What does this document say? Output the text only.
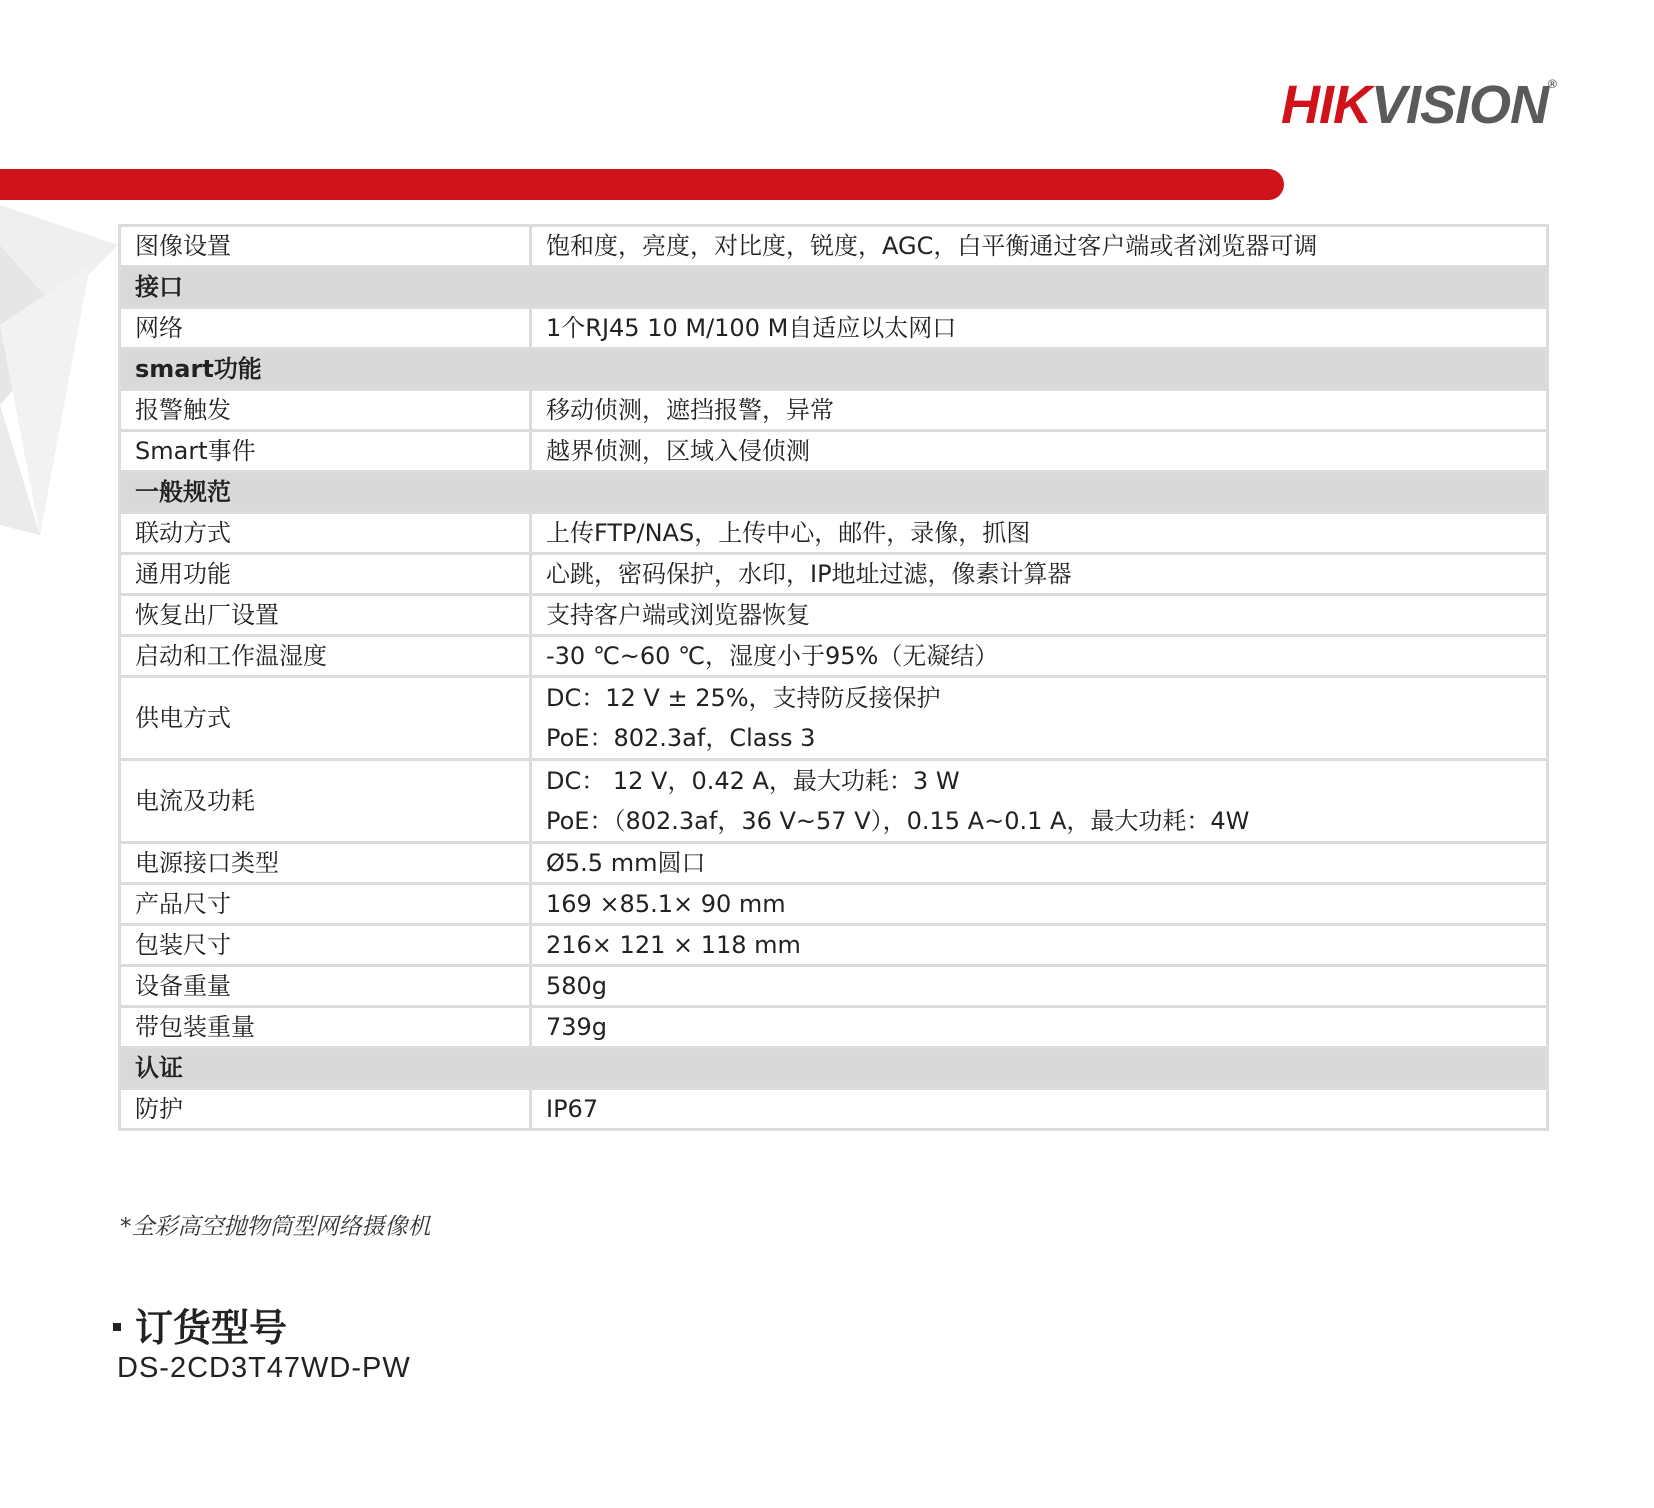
HIKVISION®
图像设置	饱和度，亮度，对比度，锐度，AGC，白平衡通过客户端或者浏览器可调
接口	
网络	1个RJ45 10 M/100 M自适应以太网口
smart功能	
报警触发	移动侦测，遮挡报警，异常
Smart事件	越界侦测，区域入侵侦测
一般规范	
联动方式	上传FTP/NAS，上传中心，邮件，录像，抓图
通用功能	心跳，密码保护，水印，IP地址过滤，像素计算器
恢复出厂设置	支持客户端或浏览器恢复
启动和工作温湿度	-30 ℃~60 ℃，湿度小于95%（无凝结）
供电方式	DC：12 V ± 25%，支持防反接保护
PoE：802.3af，Class 3

电流及功耗	DC： 12 V，0.42 A，最大功耗：3 W
PoE：（802.3af，36 V~57 V），0.15 A~0.1 A，最大功耗：4W

电源接口类型	Ø5.5 mm圆口
产品尺寸	169 ×85.1× 90 mm
包装尺寸	216× 121 × 118 mm
设备重量	580g
带包装重量	739g
认证	
防护	IP67
*全彩高空抛物筒型网络摄像机
订货型号
DS-2CD3T47WD-PW
